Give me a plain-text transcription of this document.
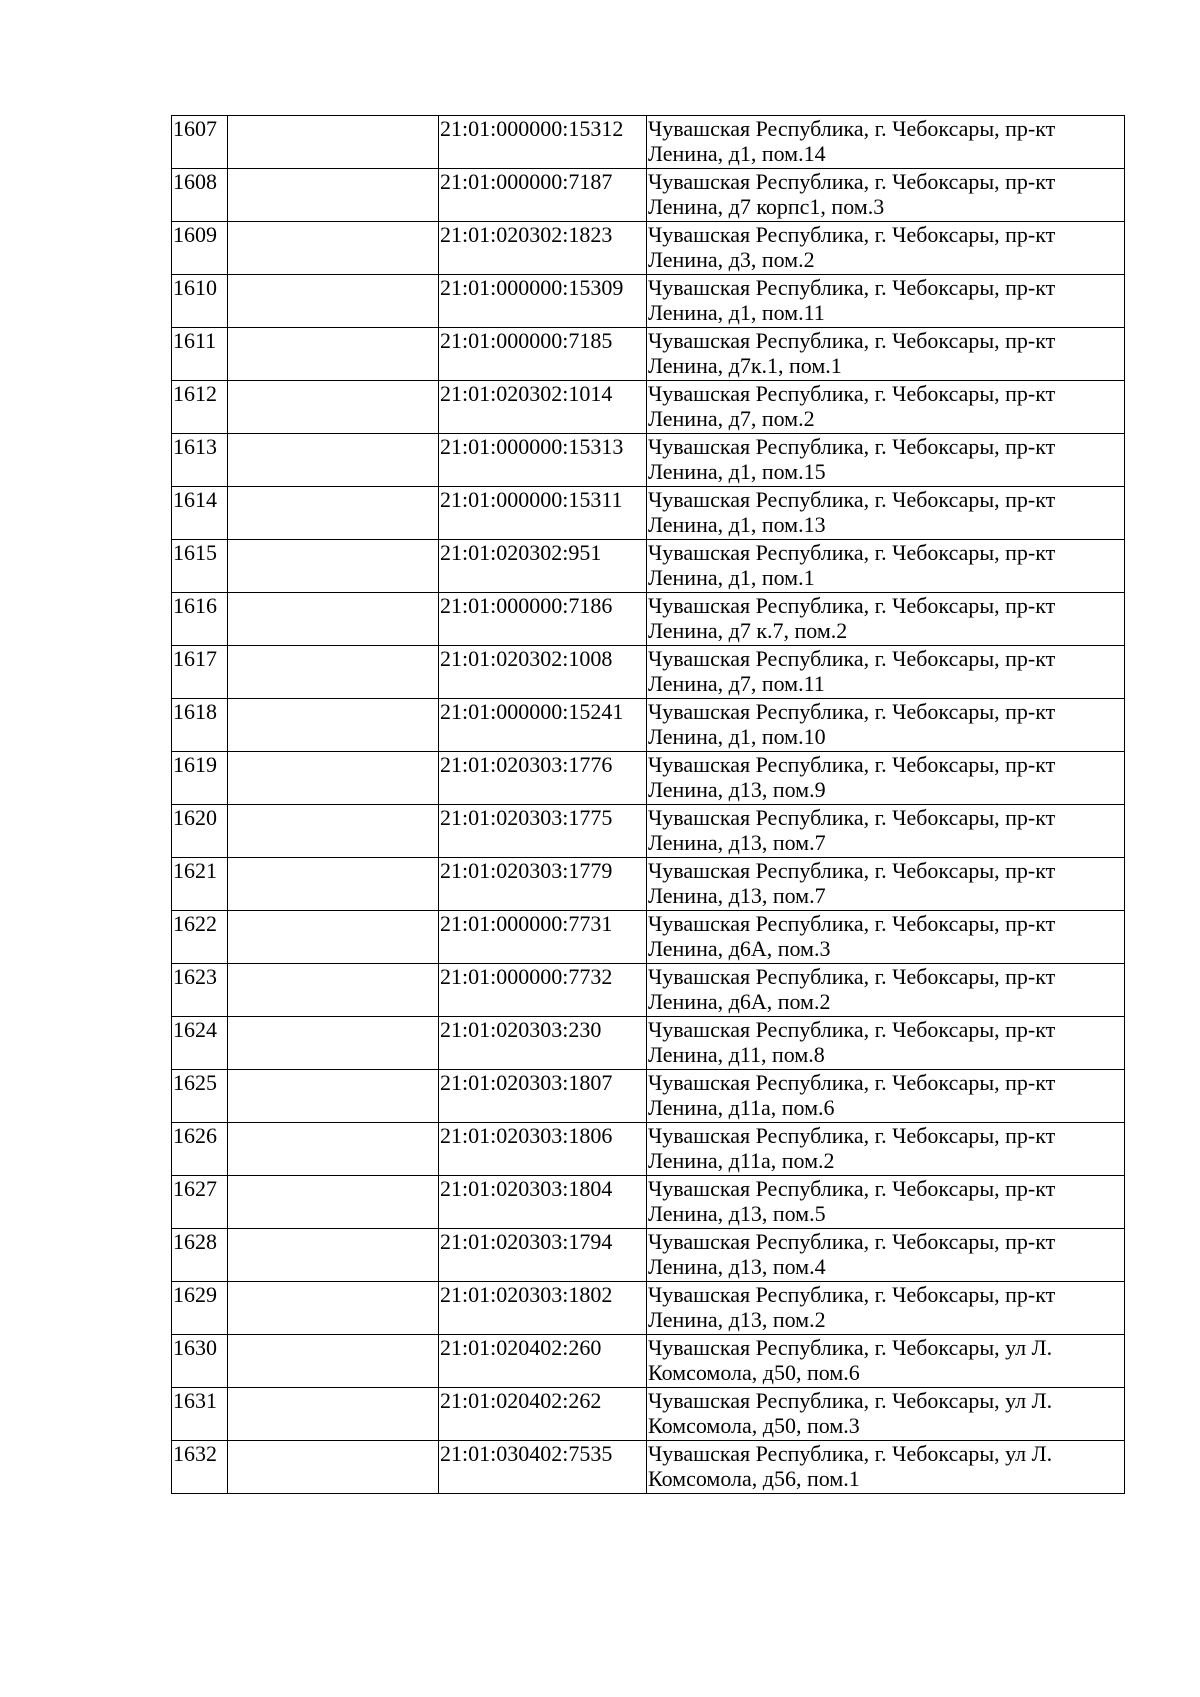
1607		21:01:000000:15312	Чувашская Республика, г. Чебоксары, пр-кт
Ленина, д1, пом.14

1608		21:01:000000:7187	Чувашская Республика, г. Чебоксары, пр-кт
Ленина, д7 корпс1, пом.3

1609		21:01:020302:1823	Чувашская Республика, г. Чебоксары, пр-кт
Ленина, д3, пом.2

1610		21:01:000000:15309	Чувашская Республика, г. Чебоксары, пр-кт
Ленина, д1, пом.11

1611		21:01:000000:7185	Чувашская Республика, г. Чебоксары, пр-кт
Ленина, д7к.1, пом.1

1612		21:01:020302:1014	Чувашская Республика, г. Чебоксары, пр-кт
Ленина, д7, пом.2

1613		21:01:000000:15313	Чувашская Республика, г. Чебоксары, пр-кт
Ленина, д1, пом.15

1614		21:01:000000:15311	Чувашская Республика, г. Чебоксары, пр-кт
Ленина, д1, пом.13

1615		21:01:020302:951	Чувашская Республика, г. Чебоксары, пр-кт
Ленина, д1, пом.1

1616		21:01:000000:7186	Чувашская Республика, г. Чебоксары, пр-кт
Ленина, д7 к.7, пом.2

1617		21:01:020302:1008	Чувашская Республика, г. Чебоксары, пр-кт
Ленина, д7, пом.11

1618		21:01:000000:15241	Чувашская Республика, г. Чебоксары, пр-кт
Ленина, д1, пом.10

1619		21:01:020303:1776	Чувашская Республика, г. Чебоксары, пр-кт
Ленина, д13, пом.9

1620		21:01:020303:1775	Чувашская Республика, г. Чебоксары, пр-кт
Ленина, д13, пом.7

1621		21:01:020303:1779	Чувашская Республика, г. Чебоксары, пр-кт
Ленина, д13, пом.7

1622		21:01:000000:7731	Чувашская Республика, г. Чебоксары, пр-кт
Ленина, д6А, пом.3

1623		21:01:000000:7732	Чувашская Республика, г. Чебоксары, пр-кт
Ленина, д6А, пом.2

1624		21:01:020303:230	Чувашская Республика, г. Чебоксары, пр-кт
Ленина, д11, пом.8

1625		21:01:020303:1807	Чувашская Республика, г. Чебоксары, пр-кт
Ленина, д11а, пом.6

1626		21:01:020303:1806	Чувашская Республика, г. Чебоксары, пр-кт
Ленина, д11а, пом.2

1627		21:01:020303:1804	Чувашская Республика, г. Чебоксары, пр-кт
Ленина, д13, пом.5

1628		21:01:020303:1794	Чувашская Республика, г. Чебоксары, пр-кт
Ленина, д13, пом.4

1629		21:01:020303:1802	Чувашская Республика, г. Чебоксары, пр-кт
Ленина, д13, пом.2

1630		21:01:020402:260	Чувашская Республика, г. Чебоксары, ул Л.
Комсомола, д50, пом.6

1631		21:01:020402:262	Чувашская Республика, г. Чебоксары, ул Л.
Комсомола, д50, пом.3

1632		21:01:030402:7535	Чувашская Республика, г. Чебоксары, ул Л.
Комсомола, д56, пом.1
